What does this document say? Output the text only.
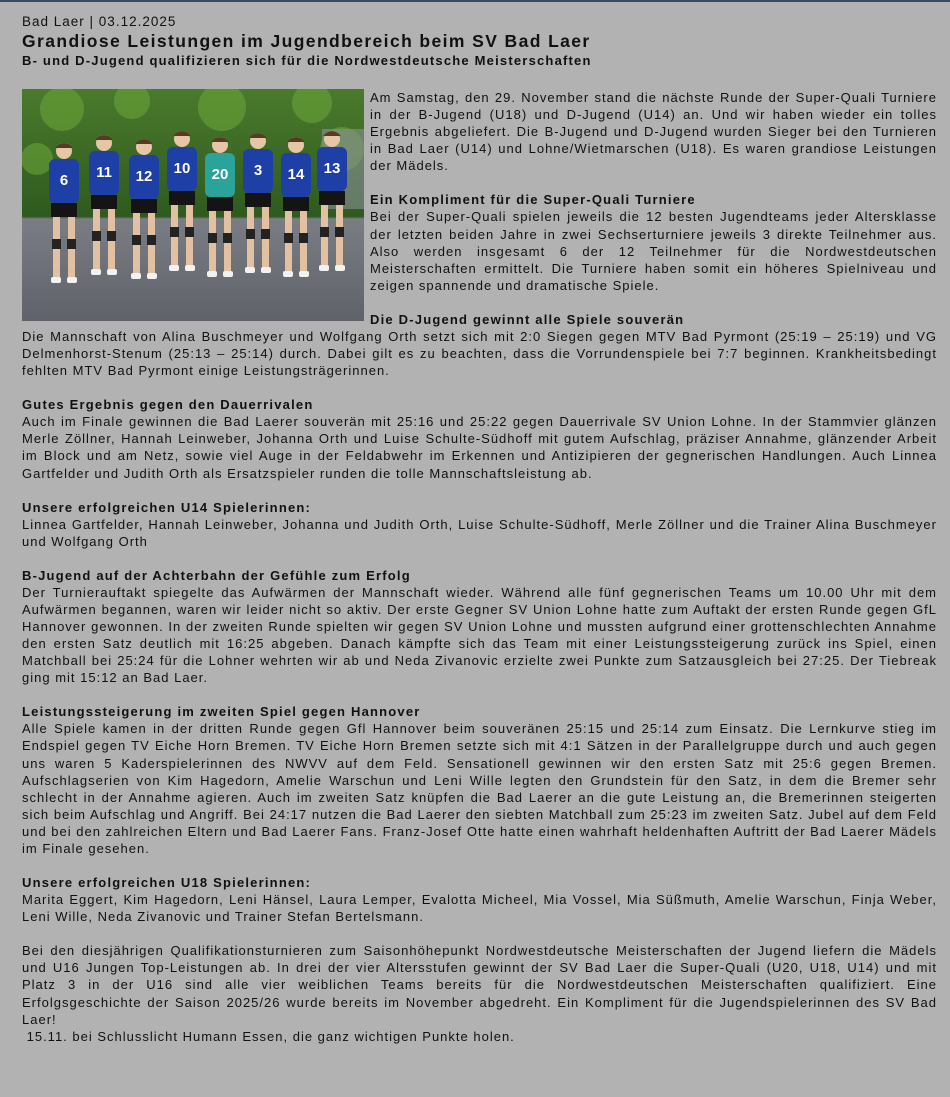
Bad Laer | 03.12.2025

Grandiose Leistungen im Jugendbereich beim SV Bad Laer
B- und D-Jugend qualifizieren sich für die Nordwestdeutsche Meisterschaften
6 11 12 10 20 3 14 13

Am Samstag, den 29. November stand die nächste Runde der Super-Quali Turniere in der B-Jugend (U18) und D-Jugend (U14) an. Und wir haben wieder ein tolles Ergebnis abgeliefert. Die B-Jugend und D-Jugend wurden Sieger bei den Turnieren in Bad Laer (U14) und Lohne/Wietmarschen (U18). Es waren grandiose Leistungen der Mädels.

Ein Kompliment für die Super-Quali Turniere

Bei der Super-Quali spielen jeweils die 12 besten Jugendteams jeder Altersklasse der letzten beiden Jahre in zwei Sechserturniere jeweils 3 direkte Teilnehmer aus. Also werden insgesamt 6 der 12 Teilnehmer für die Nordwestdeutschen Meisterschaften ermittelt. Die Turniere haben somit ein höheres Spielniveau und zeigen spannende und dramatische Spiele.

Die D-Jugend gewinnt alle Spiele souverän

Die Mannschaft von Alina Buschmeyer und Wolfgang Orth setzt sich mit 2:0 Siegen gegen MTV Bad Pyrmont (25:19 – 25:19) und VG Delmenhorst-Stenum (25:13 – 25:14) durch. Dabei gilt es zu beachten, dass die Vorrundenspiele bei 7:7 beginnen. Krankheitsbedingt fehlten MTV Bad Pyrmont einige Leistungsträgerinnen.

Gutes Ergebnis gegen den Dauerrivalen

Auch im Finale gewinnen die Bad Laerer souverän mit 25:16 und 25:22 gegen Dauerrivale SV Union Lohne. In der Stammvier glänzen Merle Zöllner, Hannah Leinweber, Johanna Orth und Luise Schulte-Südhoff mit gutem Aufschlag, präziser Annahme, glänzender Arbeit im Block und am Netz, sowie viel Auge in der Feldabwehr im Erkennen und Antizipieren der gegnerischen Handlungen. Auch Linnea Gartfelder und Judith Orth als Ersatzspieler runden die tolle Mannschaftsleistung ab.

Unsere erfolgreichen U14 Spielerinnen:

Linnea Gartfelder, Hannah Leinweber, Johanna und Judith Orth, Luise Schulte-Südhoff, Merle Zöllner und die Trainer Alina Buschmeyer und Wolfgang Orth

B-Jugend auf der Achterbahn der Gefühle zum Erfolg

Der Turnierauftakt spiegelte das Aufwärmen der Mannschaft wieder. Während alle fünf gegnerischen Teams um 10.00 Uhr mit dem Aufwärmen begannen, waren wir leider nicht so aktiv. Der erste Gegner SV Union Lohne hatte zum Auftakt der ersten Runde gegen GfL Hannover gewonnen. In der zweiten Runde spielten wir gegen SV Union Lohne und mussten aufgrund einer grottenschlechten Annahme den ersten Satz deutlich mit 16:25 abgeben. Danach kämpfte sich das Team mit einer Leistungssteigerung zurück ins Spiel, einen Matchball bei 25:24 für die Lohner wehrten wir ab und Neda Zivanovic erzielte zwei Punkte zum Satzausgleich bei 27:25. Der Tiebreak ging mit 15:12 an Bad Laer.

Leistungssteigerung im zweiten Spiel gegen Hannover

Alle Spiele kamen in der dritten Runde gegen Gfl Hannover beim souveränen 25:15 und 25:14 zum Einsatz. Die Lernkurve stieg im Endspiel gegen TV Eiche Horn Bremen. TV Eiche Horn Bremen setzte sich mit 4:1 Sätzen in der Parallelgruppe durch und auch gegen uns waren 5 Kaderspielerinnen des NWVV auf dem Feld. Sensationell gewinnen wir den ersten Satz mit 25:6 gegen Bremen. Aufschlagserien von Kim Hagedorn, Amelie Warschun und Leni Wille legten den Grundstein für den Satz, in dem die Bremer sehr schlecht in der Annahme agieren. Auch im zweiten Satz knüpfen die Bad Laerer an die gute Leistung an, die Bremerinnen steigerten sich beim Aufschlag und Angriff. Bei 24:17 nutzen die Bad Laerer den siebten Matchball zum 25:23 im zweiten Satz. Jubel auf dem Feld und bei den zahlreichen Eltern und Bad Laerer Fans. Franz-Josef Otte hatte einen wahrhaft heldenhaften Auftritt der Bad Laerer Mädels im Finale gesehen.

Unsere erfolgreichen U18 Spielerinnen:

Marita Eggert, Kim Hagedorn, Leni Hänsel, Laura Lemper, Evalotta Micheel, Mia Vossel, Mia Süßmuth, Amelie Warschun, Finja Weber, Leni Wille, Neda Zivanovic und Trainer Stefan Bertelsmann.

Bei den diesjährigen Qualifikationsturnieren zum Saisonhöhepunkt Nordwestdeutsche Meisterschaften der Jugend liefern die Mädels und U16 Jungen Top-Leistungen ab. In drei der vier Altersstufen gewinnt der SV Bad Laer die Super-Quali (U20, U18, U14) und mit Platz 3 in der U16 sind alle vier weiblichen Teams bereits für die Nordwestdeutschen Meisterschaften qualifiziert. Eine Erfolgsgeschichte der Saison 2025/26 wurde bereits im November abgedreht. Ein Kompliment für die Jugendspielerinnen des SV Bad Laer!

15.11. bei Schlusslicht Humann Essen, die ganz wichtigen Punkte holen.
